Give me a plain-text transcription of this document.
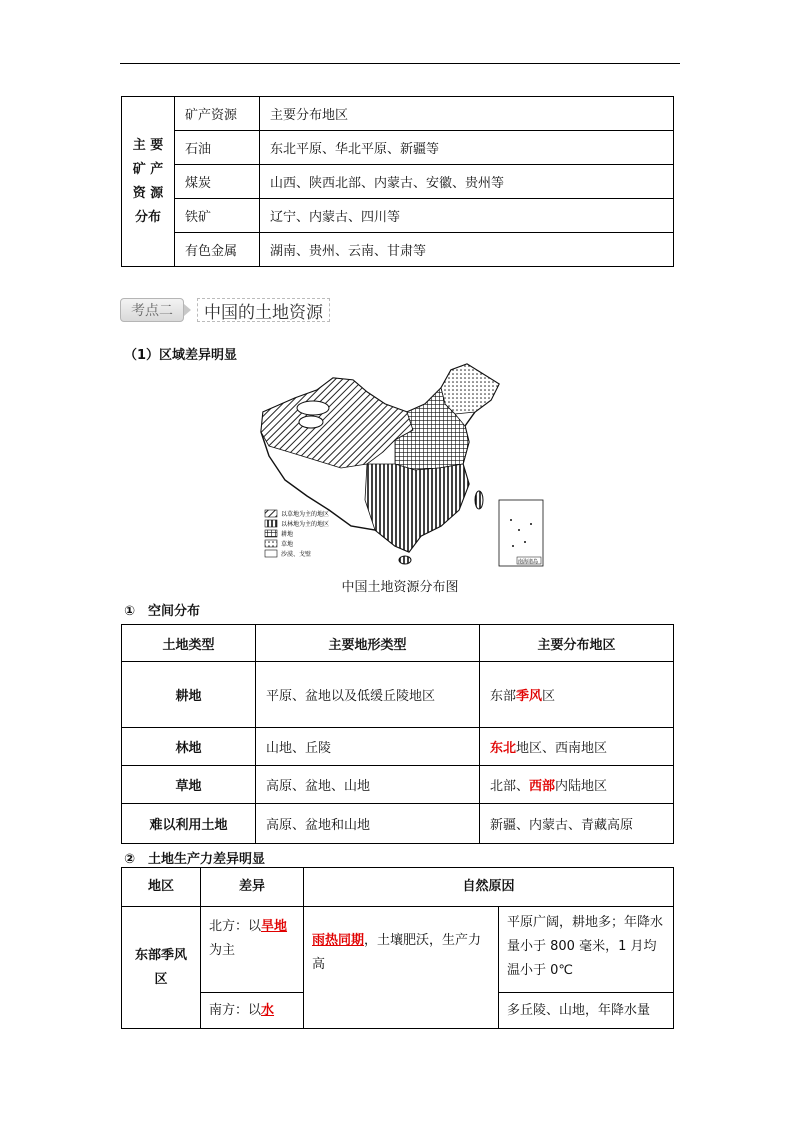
主 要 矿 产 资 源 分布	矿产资源	主要分布地区
	石油	东北平原、华北平原、新疆等
	煤炭	山西、陕西北部、内蒙古、安徽、贵州等
	铁矿	辽宁、内蒙古、四川等
	有色金属	湖南、贵州、云南、甘肃等
考点二	中国的土地资源
（1）区域差异明显
以草地为主的地区
以林地为主的地区
耕地
草地
沙漠、戈壁
南海诸岛
中国土地资源分布图
①　空间分布
土地类型	主要地形类型	主要分布地区
耕地	平原、盆地以及低缓丘陵地区	东部季风区
林地	山地、丘陵	东北地区、西南地区
草地	高原、盆地、山地	北部、西部内陆地区
难以利用土地	高原、盆地和山地	新疆、内蒙古、青藏高原
②　土地生产力差异明显
地区	差异	自然原因	
东部季风区	北方：以旱地为主	雨热同期，土壤肥沃，生产力高	平原广阔，耕地多；年降水量小于 800 毫米，1 月均温小于 0℃
	南方：以水		多丘陵、山地，年降水量
